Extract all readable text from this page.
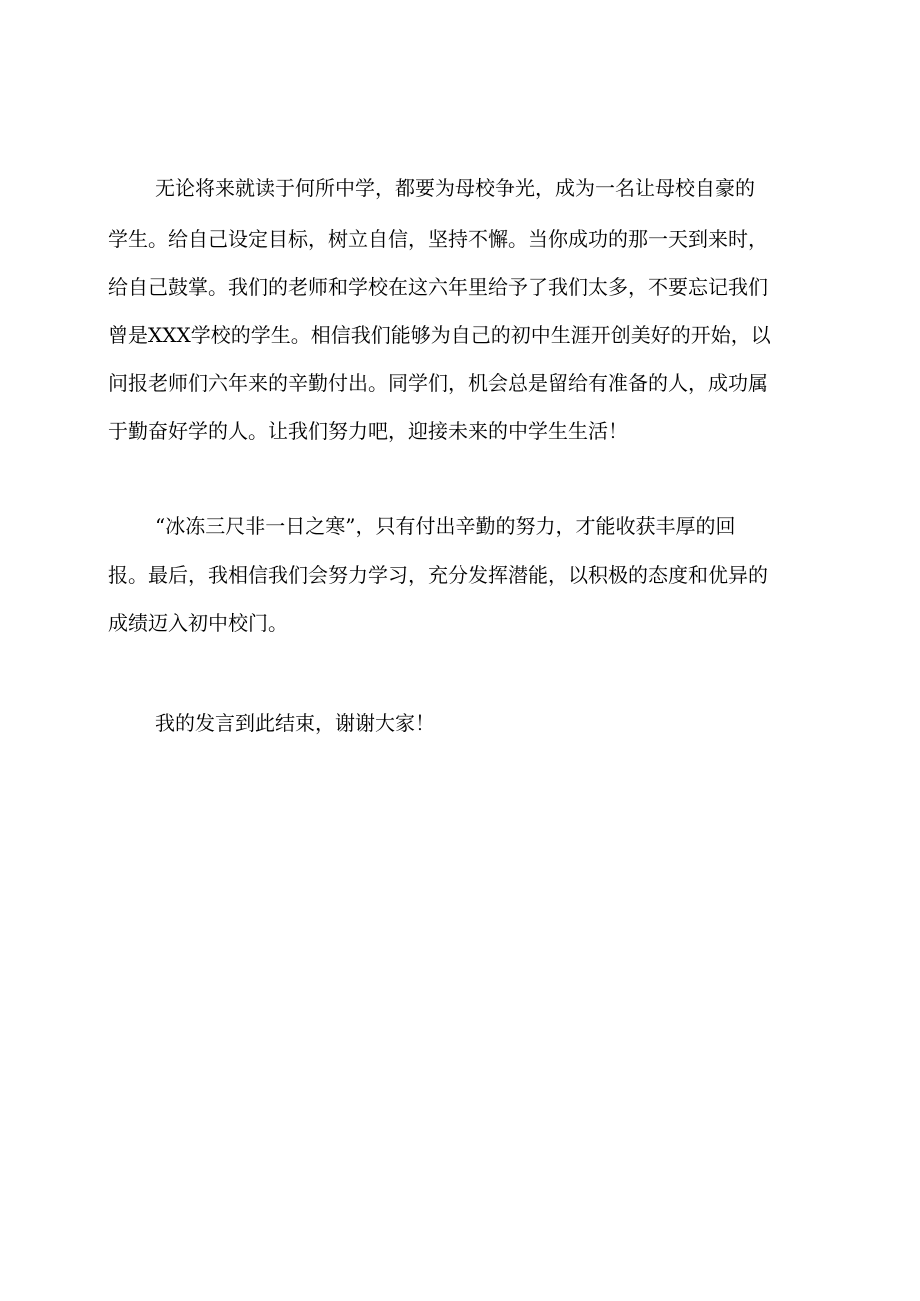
无论将来就读于何所中学，都要为母校争光，成为一名让母校自豪的

学生。给自己设定目标，树立自信，坚持不懈。当你成功的那一天到来时，

给自己鼓掌。我们的老师和学校在这六年里给予了我们太多，不要忘记我们

曾是XXX学校的学生。相信我们能够为自己的初中生涯开创美好的开始，以

问报老师们六年来的辛勤付出。同学们，机会总是留给有准备的人，成功属

于勤奋好学的人。让我们努力吧，迎接未来的中学生生活！

“冰冻三尺非一日之寒”，只有付出辛勤的努力，才能收获丰厚的回

报。最后，我相信我们会努力学习，充分发挥潜能，以积极的态度和优异的

成绩迈入初中校门。

我的发言到此结束，谢谢大家！
